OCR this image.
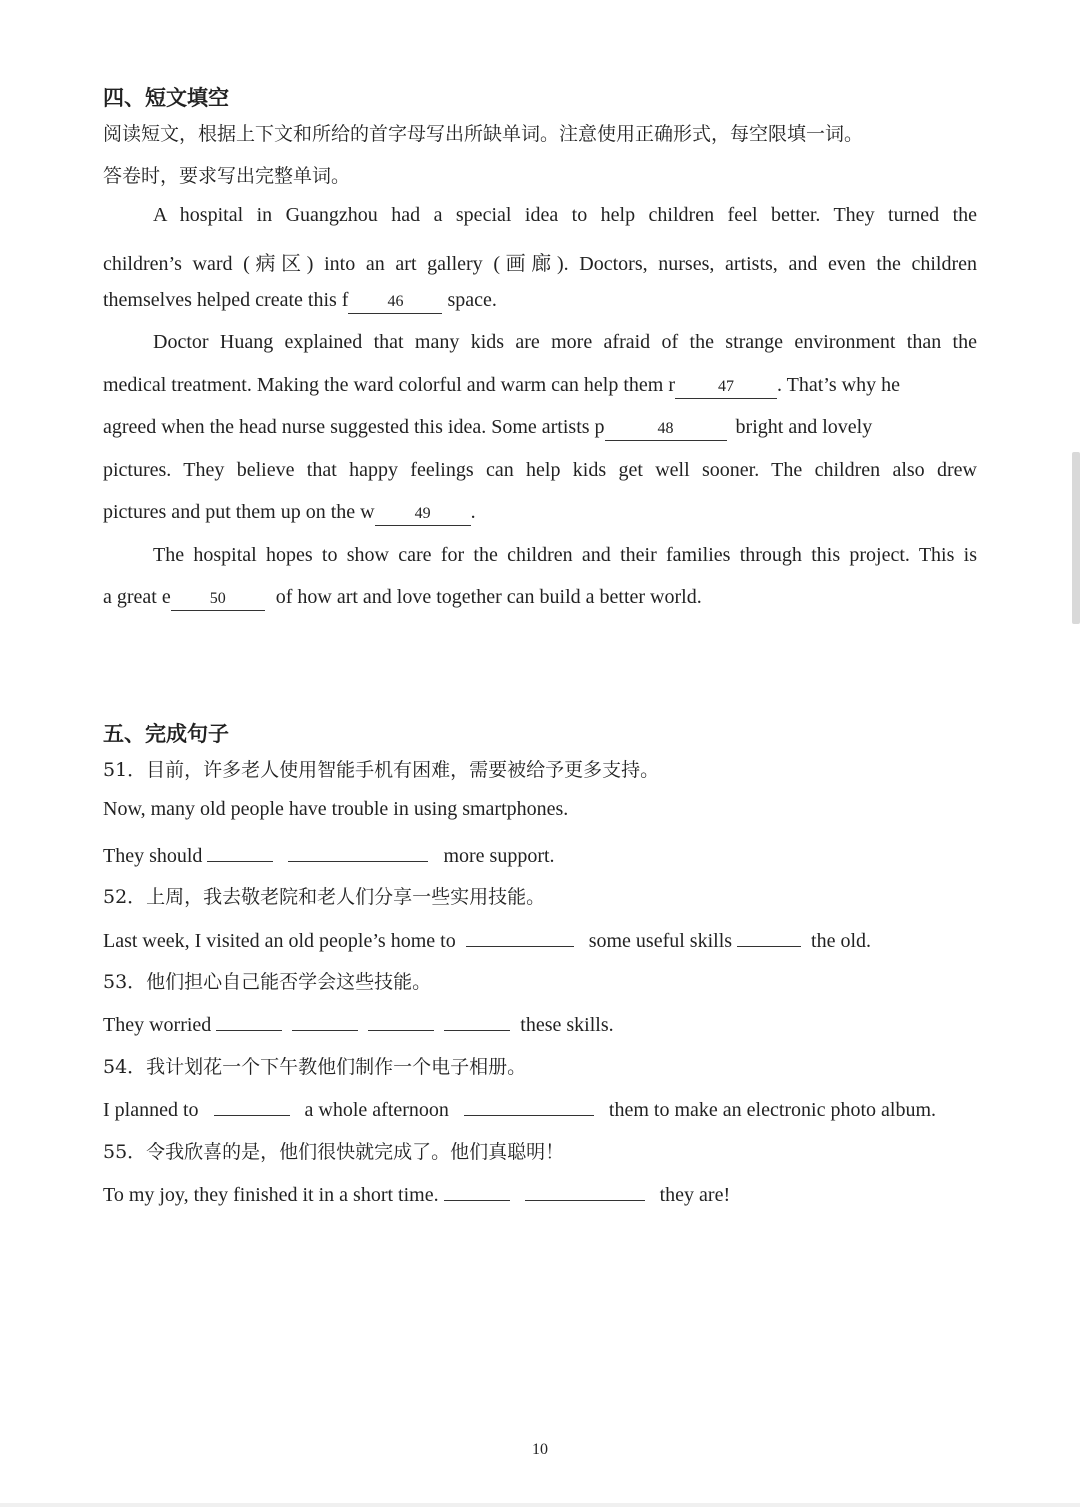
四、短文填空
阅读短文，根据上下文和所给的首字母写出所缺单词。注意使用正确形式，每空限填一词。
答卷时，要求写出完整单词。
A hospital in Guangzhou had a special idea to help children feel better. They turned the
children’s ward (病区) into an art gallery (画廊). Doctors, nurses, artists, and even the children
themselves helped create this f 46 space.
Doctor Huang explained that many kids are more afraid of the strange environment than the
medical treatment. Making the ward colorful and warm can help them r	47 . That’s why he
agreed when the head nurse suggested this idea. Some artists p	48	bright and lovely
pictures. They believe that happy feelings can help kids get well sooner. The children also drew
pictures and put them up on the w	49 .
The hospital hopes to show care for the children and their families through this project. This is
a great e 50 of how art and love together can build a better world.
五、完成句子
51．目前，许多老人使用智能手机有困难，需要被给予更多支持。
Now, many old people have trouble in using smartphones.
They should	more support.
52．上周，我去敬老院和老人们分享一些实用技能。
Last week, I visited an old people’s home to	some useful skills	the old.
53．他们担心自己能否学会这些技能。
They worried	these skills.
54．我计划花一个下午教他们制作一个电子相册。
I planned to	a whole afternoon	them to make an electronic photo album.
55．令我欣喜的是，他们很快就完成了。他们真聪明！
To my joy, they finished it in a short time.	they are!
10
